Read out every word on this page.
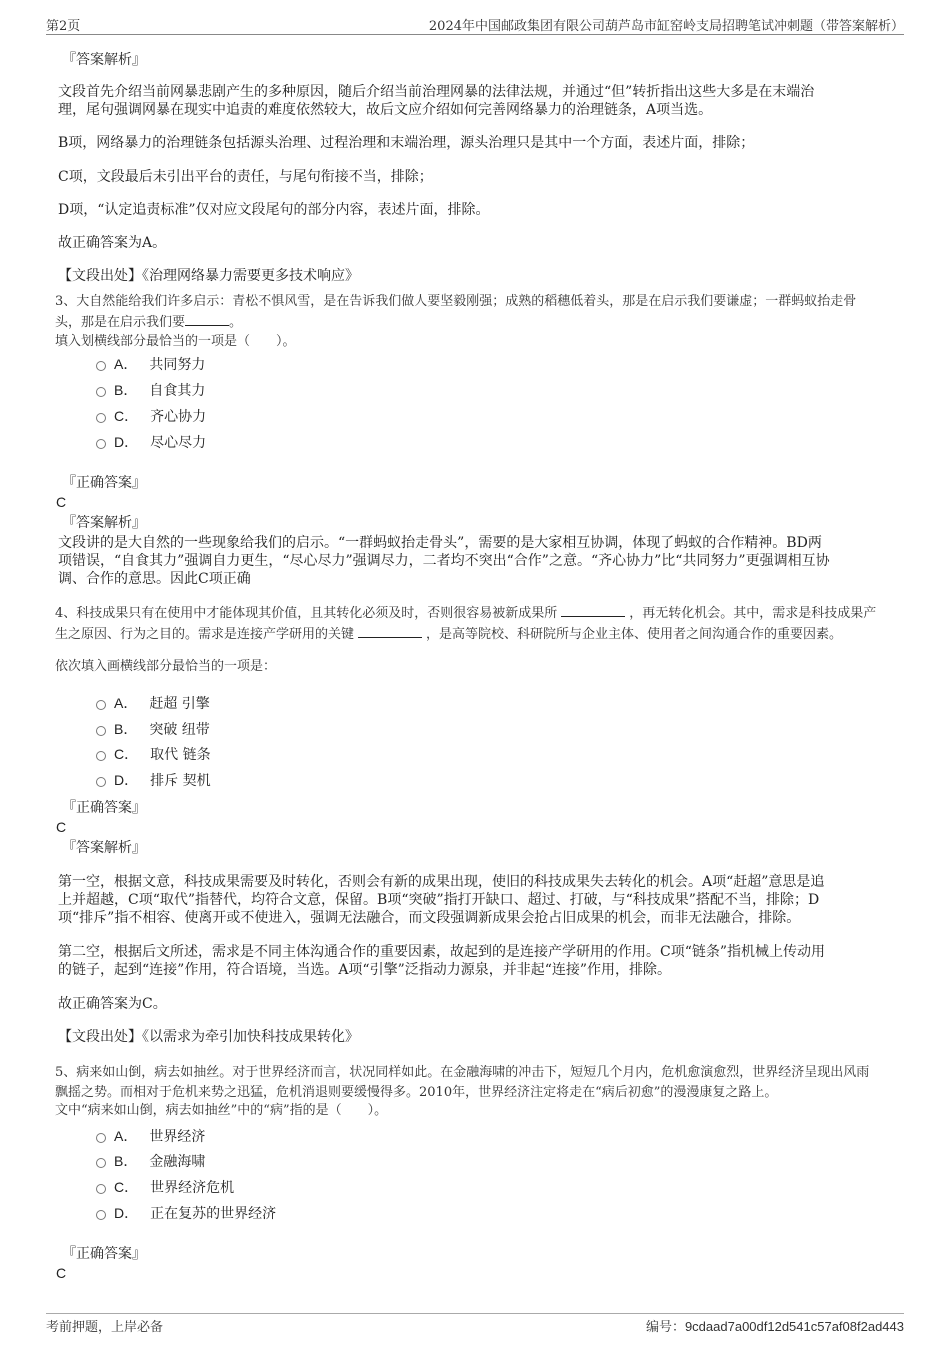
第2页	2024年中国邮政集团有限公司葫芦岛市缸窑岭支局招聘笔试冲刺题（带答案解析）
『答案解析』
文段首先介绍当前网暴悲剧产生的多种原因，随后介绍当前治理网暴的法律法规，并通过“但”转折指出这些大多是在末端治
理，尾句强调网暴在现实中追责的难度依然较大，故后文应介绍如何完善网络暴力的治理链条，A项当选。
B项，网络暴力的治理链条包括源头治理、过程治理和末端治理，源头治理只是其中一个方面，表述片面，排除；
C项，文段最后未引出平台的责任，与尾句衔接不当，排除；
D项，“认定追责标准”仅对应文段尾句的部分内容，表述片面，排除。
故正确答案为A。
【文段出处】《治理网络暴力需要更多技术响应》
3、大自然能给我们许多启示：青松不惧风雪，是在告诉我们做人要坚毅刚强；成熟的稻穗低着头，那是在启示我们要谦虚；一群蚂蚁抬走骨
头，那是在启示我们要	。
填入划横线部分最恰当的一项是（　　）。
A． 共同努力
B． 自食其力
C． 齐心协力
D． 尽心尽力
『正确答案』
C
『答案解析』
文段讲的是大自然的一些现象给我们的启示。“一群蚂蚁抬走骨头”，需要的是大家相互协调，体现了蚂蚁的合作精神。BD两
项错误，“自食其力”强调自力更生，“尽心尽力”强调尽力，二者均不突出“合作”之意。“齐心协力”比“共同努力”更强调相互协
调、合作的意思。因此C项正确
4、科技成果只有在使用中才能体现其价值，且其转化必须及时，否则很容易被新成果所	，再无转化机会。其中，需求是科技成果产
生之原因、行为之目的。需求是连接产学研用的关键	，是高等院校、科研院所与企业主体、使用者之间沟通合作的重要因素。
依次填入画横线部分最恰当的一项是：
A． 赶超 引擎
B． 突破 纽带
C． 取代 链条
D． 排斥 契机
『正确答案』
C
『答案解析』
第一空，根据文意，科技成果需要及时转化，否则会有新的成果出现，使旧的科技成果失去转化的机会。A项“赶超”意思是追
上并超越，C项“取代”指替代，均符合文意，保留。B项“突破”指打开缺口、超过、打破，与“科技成果”搭配不当，排除；D
项“排斥”指不相容、使离开或不使进入，强调无法融合，而文段强调新成果会抢占旧成果的机会，而非无法融合，排除。
第二空，根据后文所述，需求是不同主体沟通合作的重要因素，故起到的是连接产学研用的作用。C项“链条”指机械上传动用
的链子，起到“连接”作用，符合语境，当选。A项“引擎”泛指动力源泉，并非起“连接”作用，排除。
故正确答案为C。
【文段出处】《以需求为牵引加快科技成果转化》
5、病来如山倒，病去如抽丝。对于世界经济而言，状况同样如此。在金融海啸的冲击下，短短几个月内，危机愈演愈烈，世界经济呈现出风雨
飘摇之势。而相对于危机来势之迅猛，危机消退则要缓慢得多。2010年，世界经济注定将走在“病后初愈”的漫漫康复之路上。
文中“病来如山倒，病去如抽丝”中的“病”指的是（　　）。
A． 世界经济
B． 金融海啸
C． 世界经济危机
D． 正在复苏的世界经济
『正确答案』
C
考前押题，上岸必备	编号：9cdaad7a00df12d541c57af08f2ad443
